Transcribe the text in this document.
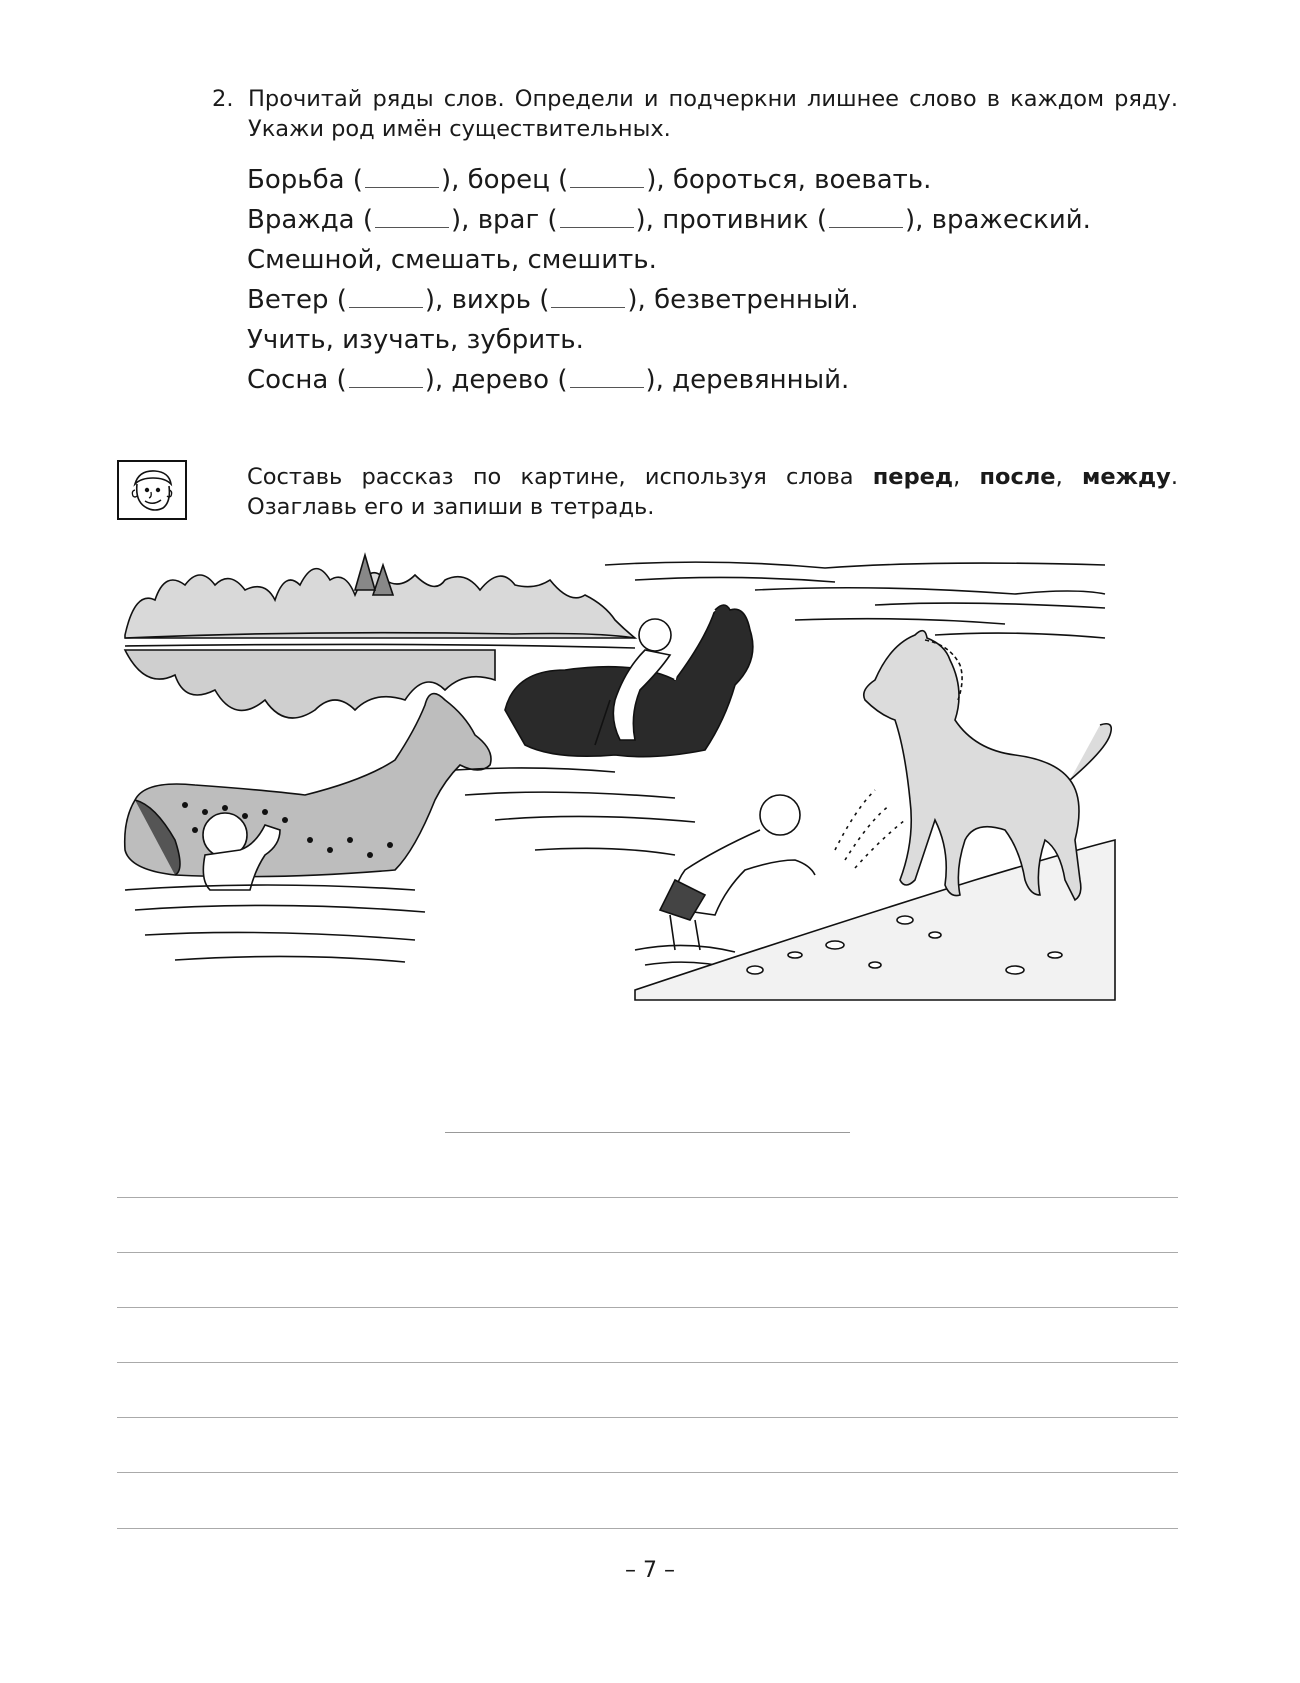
2. Прочитай ряды слов. Определи и подчеркни лишнее слово в каждом ряду. Укажи род имён существительных.
Борьба (	), борец (	), бороться, воевать.
Вражда (	), враг (	), противник (	), вражеский.
Смешной, смешать, смешить.
Ветер (	), вихрь (	), безветренный.
Учить, изучать, зубрить.
Сосна (	), дерево (	), деревянный.
Составь рассказ по картине, используя слова перед, после, между. Озаглавь его и запиши в тетрадь.
– 7 –
